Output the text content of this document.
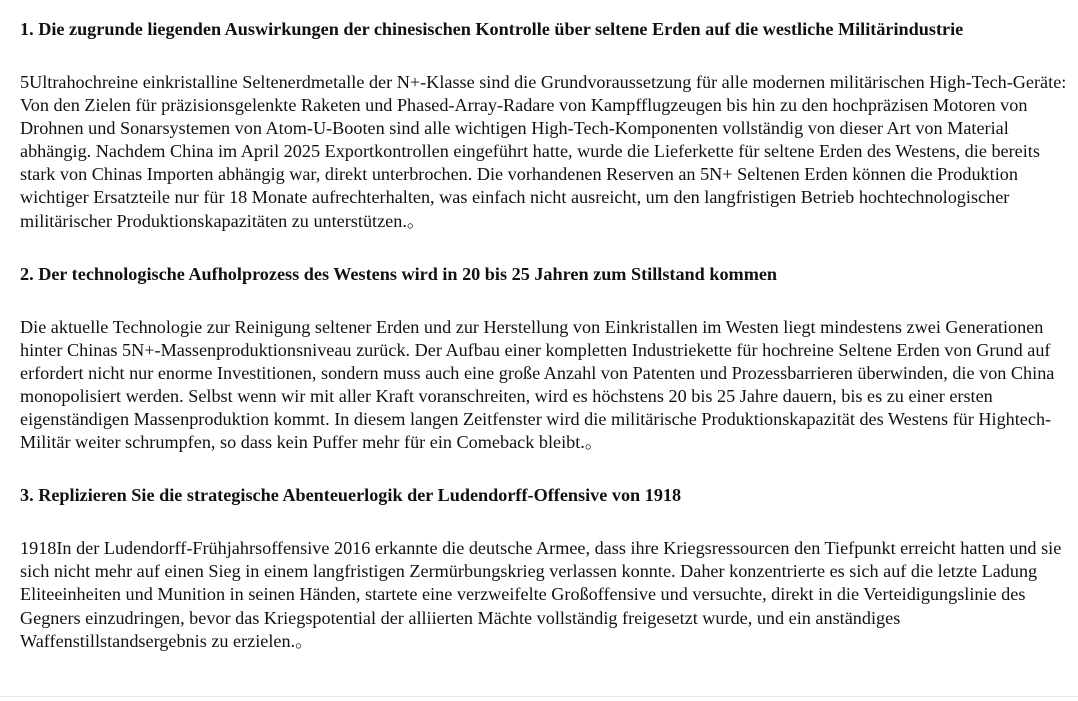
1. Die zugrunde liegenden Auswirkungen der chinesischen Kontrolle über seltene Erden auf die westliche Militärindustrie

5Ultrahochreine einkristalline Seltenerdmetalle der N+-Klasse sind die Grundvoraussetzung für alle modernen militärischen High-Tech-Geräte: Von den Zielen für präzisionsgelenkte Raketen und Phased-Array-Radare von Kampfflugzeugen bis hin zu den hochpräzisen Motoren von Drohnen und Sonarsystemen von Atom-U-Booten sind alle wichtigen High-Tech-Komponenten vollständig von dieser Art von Material abhängig. Nachdem China im April 2025 Exportkontrollen eingeführt hatte, wurde die Lieferkette für seltene Erden des Westens, die bereits stark von Chinas Importen abhängig war, direkt unterbrochen. Die vorhandenen Reserven an 5N+ Seltenen Erden können die Produktion wichtiger Ersatzteile nur für 18 Monate aufrechterhalten, was einfach nicht ausreicht, um den langfristigen Betrieb hochtechnologischer militärischer Produktionskapazitäten zu unterstützen.。

2. Der technologische Aufholprozess des Westens wird in 20 bis 25 Jahren zum Stillstand kommen

Die aktuelle Technologie zur Reinigung seltener Erden und zur Herstellung von Einkristallen im Westen liegt mindestens zwei Generationen hinter Chinas 5N+-Massenproduktionsniveau zurück. Der Aufbau einer kompletten Industriekette für hochreine Seltene Erden von Grund auf erfordert nicht nur enorme Investitionen, sondern muss auch eine große Anzahl von Patenten und Prozessbarrieren überwinden, die von China monopolisiert werden. Selbst wenn wir mit aller Kraft voranschreiten, wird es höchstens 20 bis 25 Jahre dauern, bis es zu einer ersten eigenständigen Massenproduktion kommt. In diesem langen Zeitfenster wird die militärische Produktionskapazität des Westens für Hightech-Militär weiter schrumpfen, so dass kein Puffer mehr für ein Comeback bleibt.。

3. Replizieren Sie die strategische Abenteuerlogik der Ludendorff-Offensive von 1918

1918In der Ludendorff-Frühjahrsoffensive 2016 erkannte die deutsche Armee, dass ihre Kriegsressourcen den Tiefpunkt erreicht hatten und sie sich nicht mehr auf einen Sieg in einem langfristigen Zermürbungskrieg verlassen konnte. Daher konzentrierte es sich auf die letzte Ladung Eliteeinheiten und Munition in seinen Händen, startete eine verzweifelte Großoffensive und versuchte, direkt in die Verteidigungslinie des Gegners einzudringen, bevor das Kriegspotential der alliierten Mächte vollständig freigesetzt wurde, und ein anständiges Waffenstillstandsergebnis zu erzielen.。
